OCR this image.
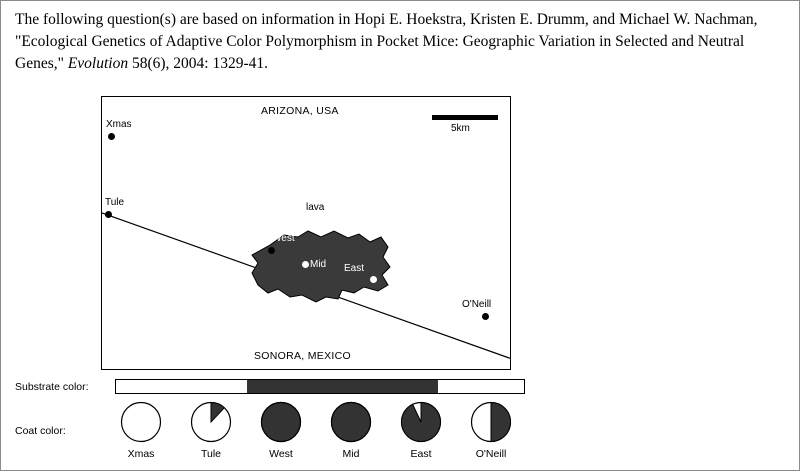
The following question(s) are based on information in Hopi E. Hoekstra, Kristen E. Drumm, and Michael W. Nachman, "Ecological Genetics of Adaptive Color Polymorphism in Pocket Mice: Geographic Variation in Selected and Neutral Genes," Evolution 58(6), 2004: 1329-41.
ARIZONA, USA
SONORA, MEXICO
5km
lava
Xmas
Tule
West
Mid East
O'Neill
Substrate color:
Coat color:
Xmas	Tule	West	Mid	East	O'Neill
